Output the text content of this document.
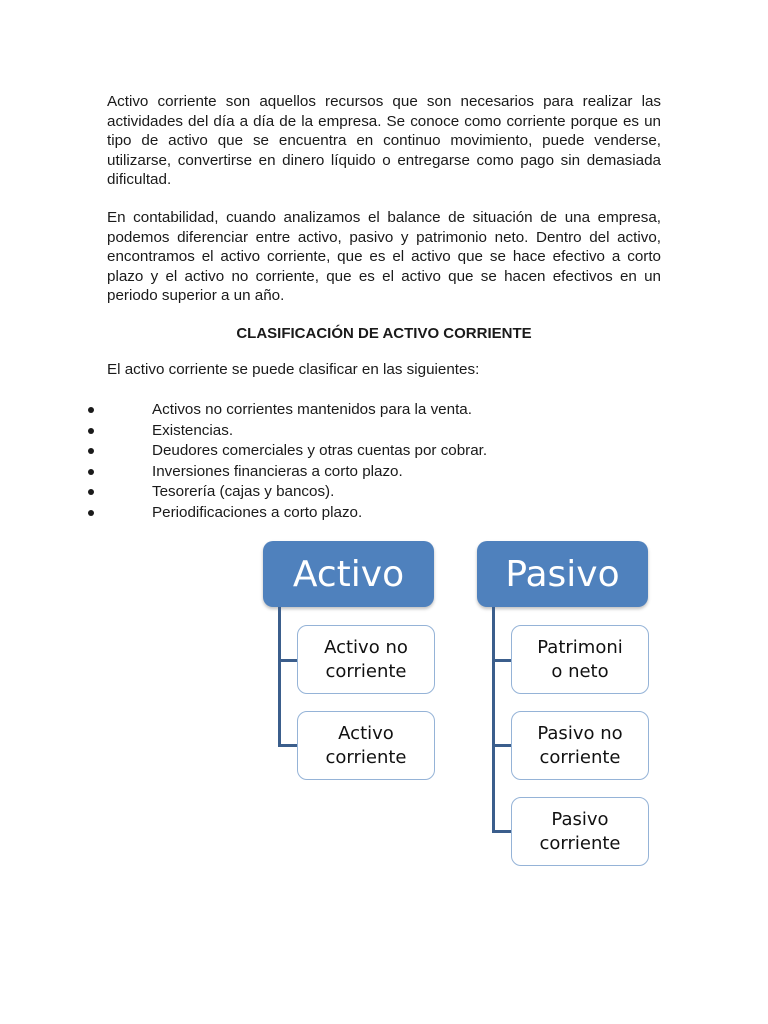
Activo corriente son aquellos recursos que son necesarios para realizar las actividades del día a día de la empresa. Se conoce como corriente porque es un tipo de activo que se encuentra en continuo movimiento, puede venderse, utilizarse, convertirse en dinero líquido o entregarse como pago sin demasiada dificultad.

En contabilidad, cuando analizamos el balance de situación de una empresa, podemos diferenciar entre activo, pasivo y patrimonio neto. Dentro del activo, encontramos el activo corriente, que es el activo que se hace efectivo a corto plazo y el activo no corriente, que es el activo que se hacen efectivos en un periodo superior a un año.

CLASIFICACIÓN DE ACTIVO CORRIENTE

El activo corriente se puede clasificar en las siguientes:

Activos no corrientes mantenidos para la venta.
Existencias.
Deudores comerciales y otras cuentas por cobrar.
Inversiones financieras a corto plazo.
Tesorería (cajas y bancos).
Periodificaciones a corto plazo.
Activo
Activo no
corriente
Activo
corriente
Pasivo
Patrimoni
o neto
Pasivo no
corriente
Pasivo
corriente
